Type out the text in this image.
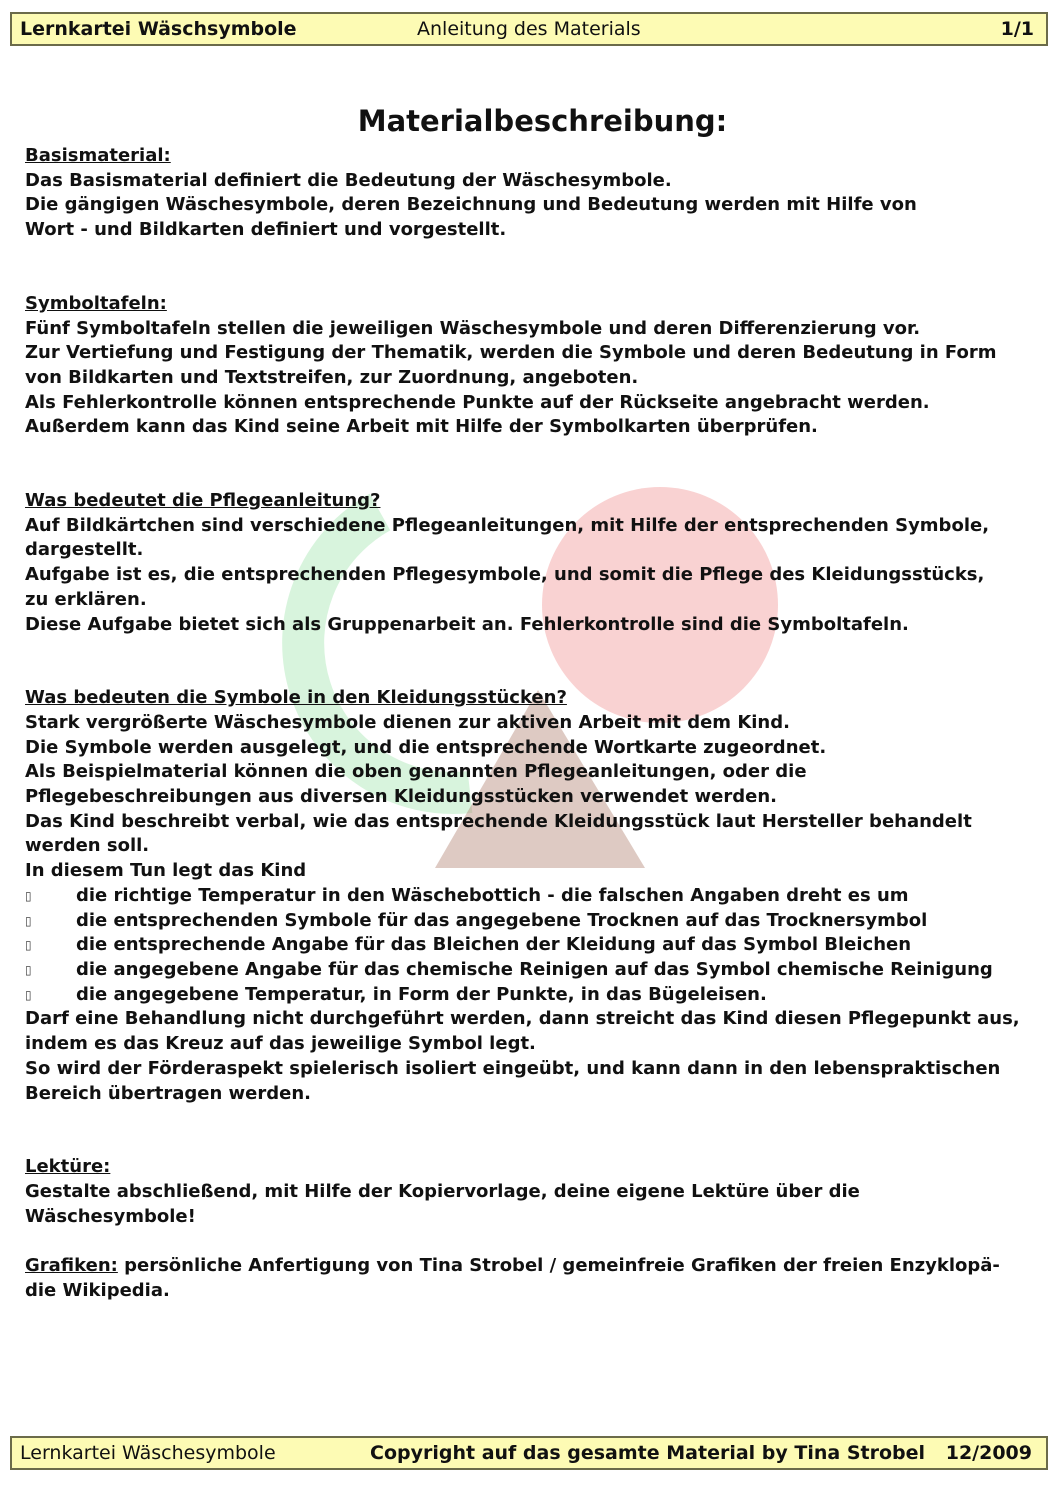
Lernkartei Wäschsymbole	Anleitung des Materials	1/1
Materialbeschreibung:

Basismaterial:

Das Basismaterial definiert die Bedeutung der Wäschesymbole.

Die gängigen Wäschesymbole, deren Bezeichnung und Bedeutung werden mit Hilfe von

Wort - und Bildkarten definiert und vorgestellt.

Symboltafeln:

Fünf Symboltafeln stellen die jeweiligen Wäschesymbole und deren Differenzierung vor.

Zur Vertiefung und Festigung der Thematik, werden die Symbole und deren Bedeutung in Form

von Bildkarten und Textstreifen, zur Zuordnung, angeboten.

Als Fehlerkontrolle können entsprechende Punkte auf der Rückseite angebracht werden.

Außerdem kann das Kind seine Arbeit mit Hilfe der Symbolkarten überprüfen.

Was bedeutet die Pflegeanleitung?

Auf Bildkärtchen sind verschiedene Pflegeanleitungen, mit Hilfe der entsprechenden Symbole,

dargestellt.

Aufgabe ist es, die entsprechenden Pflegesymbole, und somit die Pflege des Kleidungsstücks,

zu erklären.

Diese Aufgabe bietet sich als Gruppenarbeit an. Fehlerkontrolle sind die Symboltafeln.

Was bedeuten die Symbole in den Kleidungsstücken?

Stark vergrößerte Wäschesymbole dienen zur aktiven Arbeit mit dem Kind.

Die Symbole werden ausgelegt, und die entsprechende Wortkarte zugeordnet.

Als Beispielmaterial können die oben genannten Pflegeanleitungen, oder die

Pflegebeschreibungen aus diversen Kleidungsstücken verwendet werden.

Das Kind beschreibt verbal, wie das entsprechende Kleidungsstück laut Hersteller behandelt

werden soll.

In diesem Tun legt das Kind

▯ die richtige Temperatur in den Wäschebottich - die falschen Angaben dreht es um
▯ die entsprechenden Symbole für das angegebene Trocknen auf das Trocknersymbol
▯ die entsprechende Angabe für das Bleichen der Kleidung auf das Symbol Bleichen
▯ die angegebene Angabe für das chemische Reinigen auf das Symbol chemische Reinigung
▯ die angegebene Temperatur, in Form der Punkte, in das Bügeleisen.

Darf eine Behandlung nicht durchgeführt werden, dann streicht das Kind diesen Pflegepunkt aus,

indem es das Kreuz auf das jeweilige Symbol legt.

So wird der Förderaspekt spielerisch isoliert eingeübt, und kann dann in den lebenspraktischen

Bereich übertragen werden.

Lektüre:

Gestalte abschließend, mit Hilfe der Kopiervorlage, deine eigene Lektüre über die

Wäschesymbole!

Grafiken: persönliche Anfertigung von Tina Strobel / gemeinfreie Grafiken der freien Enzyklopä-

die Wikipedia.

Lernkartei Wäschesymbole	Copyright auf das gesamte Material by Tina Strobel 12/2009
